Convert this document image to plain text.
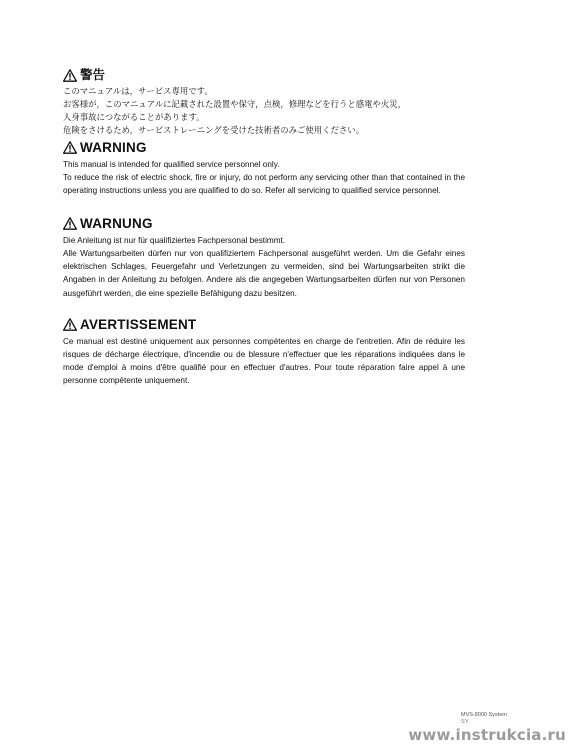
警告

このマニュアルは，サービス専用です。

お客様が，このマニュアルに記載された設置や保守，点検，修理などを行うと感電や火災，

人身事故につながることがあります。

危険をさけるため，サービストレーニングを受けた技術者のみご使用ください。

WARNING

This manual is intended for qualified service personnel only.

To reduce the risk of electric shock, fire or injury, do not perform any servicing other than that contained in the operating instructions unless you are qualified to do so. Refer all servicing to qualified service personnel.

WARNUNG

Die Anleitung ist nur für qualifiziertes Fachpersonal bestimmt.

Alle Wartungsarbeiten dürfen nur von qualifiziertem Fachpersonal ausgeführt werden. Um die Gefahr eines elektrischen Schlages, Feuergefahr und Verletzungen zu vermeiden, sind bei Wartungsarbeiten strikt die Angaben in der Anleitung zu befolgen. Andere als die angegeben Wartungsarbeiten dürfen nur von Personen ausgeführt werden, die eine spezielle Befähigung dazu besitzen.

AVERTISSEMENT

Ce manual est destiné uniquement aux personnes compétentes en charge de l'entretien. Afin de réduire les risques de décharge électrique, d'incendie ou de blessure n'effectuer que les réparations indiquées dans le mode d'emploi à moins d'être qualifié pour en effectuer d'autres. Pour toute réparation faire appel à une personne compétente uniquement.

MVS-8000 System
SY
www.instrukcia.ru
